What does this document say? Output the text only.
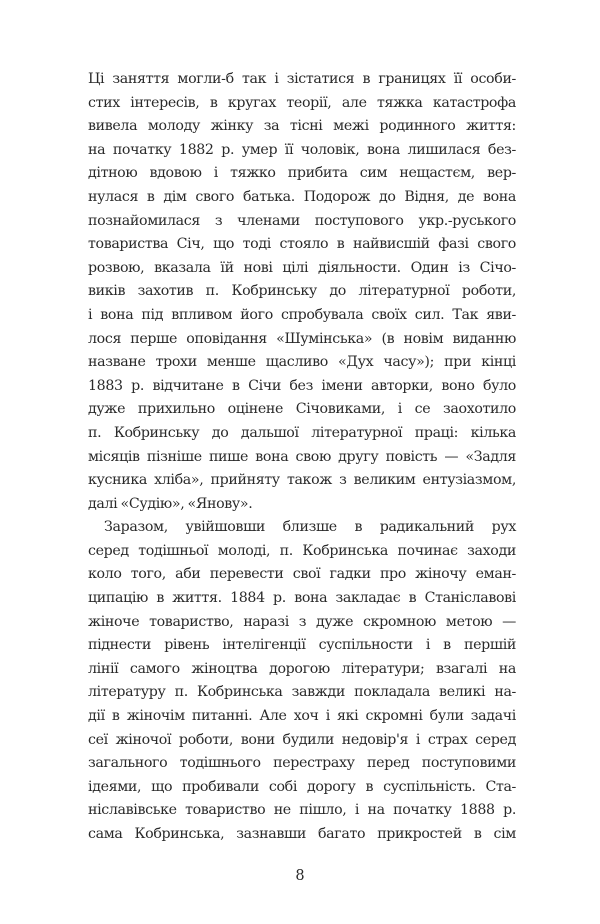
Ці заняття могли-б так і зістатися в границях її особи-
стих інтересів, в кругах теорії, але тяжка катастрофа
вивела молоду жінку за тісні межі родинного життя:
на початку 1882 р. умер її чоловік, вона лишилася без-
дітною вдовою і тяжко прибита сим нещастєм, вер-
нулася в дім свого батька. Подорож до Відня, де вона
познайомилася з членами поступового укр.-руського
товариства Січ, що тоді стояло в найвисшій фазі свого
розвою, вказала їй нові цілі діяльности. Один із Січо-
виків захотив п. Кобринську до літературної роботи,
і вона під впливом його спробувала своїх сил. Так яви-
лося перше оповідання «Шумінська» (в новім виданню
назване трохи менше щасливо «Дух часу»); при кінці
1883 р. відчитане в Січи без імени авторки, воно було
дуже прихильно оцінене Січовиками, і се заохотило
п. Кобринську до дальшої літературної праці: кілька
місяців пізніше пише вона свою другу повість — «Задля
кусника хліба», прийняту також з великим ентузіазмом,
далі «Судію», «Янову».
Заразом, увійшовши близше в радикальний рух
серед тодішньої молоді, п. Кобринська починає заходи
коло того, аби перевести свої гадки про жіночу еман-
ципацію в життя. 1884 р. вона закладає в Станіславові
жіноче товариство, наразі з дуже скромною метою —
піднести рівень інтелігенції суспільности і в першій
лінії самого жіноцтва дорогою літератури; взагалі на
літературу п. Кобринська завжди покладала великі на-
дії в жіночім питанні. Але хоч і які скромні були задачі
сеї жіночої роботи, вони будили недовір'я і страх серед
загального тодішнього перестраху перед поступовими
ідеями, що пробивали собі дорогу в суспільність. Ста-
ніславівське товариство не пішло, і на початку 1888 р.
сама Кобринська, зазнавши багато прикростей в сім
8
